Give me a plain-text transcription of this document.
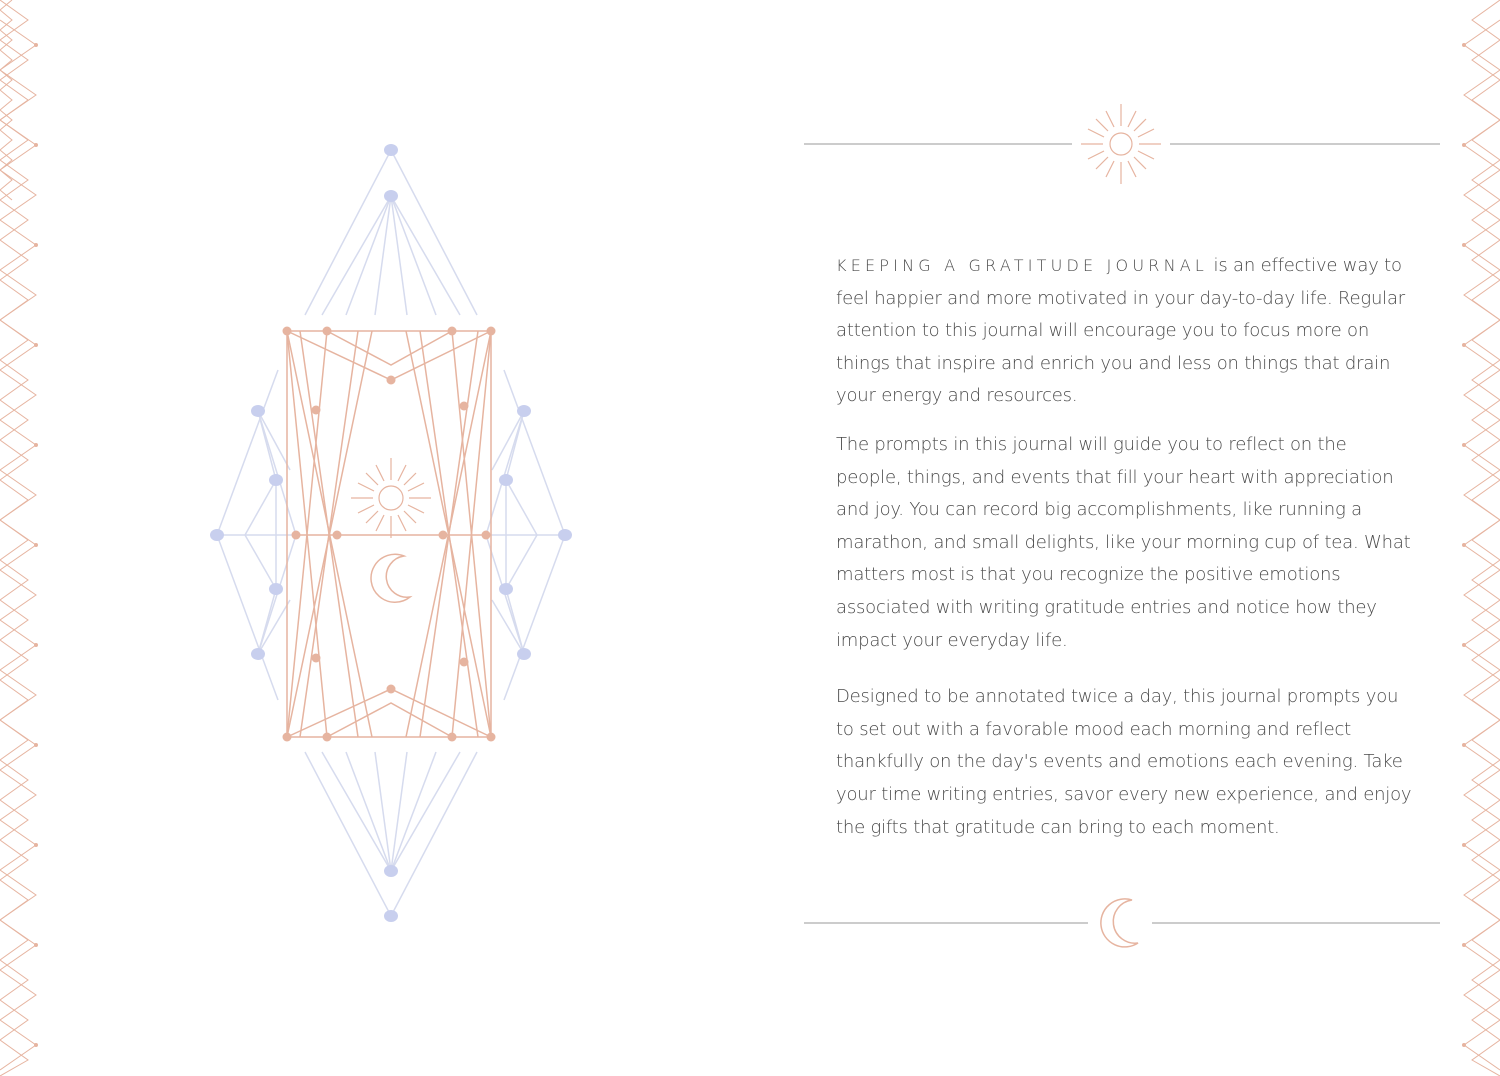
KEEPING A GRATITUDE JOURNAL is an effective way to feel happier and more motivated in your day-to-day life. Regular attention to this journal will encourage you to focus more on things that inspire and enrich you and less on things that drain your energy and resources.

The prompts in this journal will guide you to reflect on the people, things, and events that fill your heart with appreciation and joy. You can record big accomplishments, like running a marathon, and small delights, like your morning cup of tea. What matters most is that you recognize the positive emotions associated with writing gratitude entries and notice how they impact your everyday life.

Designed to be annotated twice a day, this journal prompts you to set out with a favorable mood each morning and reflect thankfully on the day's events and emotions each evening. Take your time writing entries, savor every new experience, and enjoy the gifts that gratitude can bring to each moment.
